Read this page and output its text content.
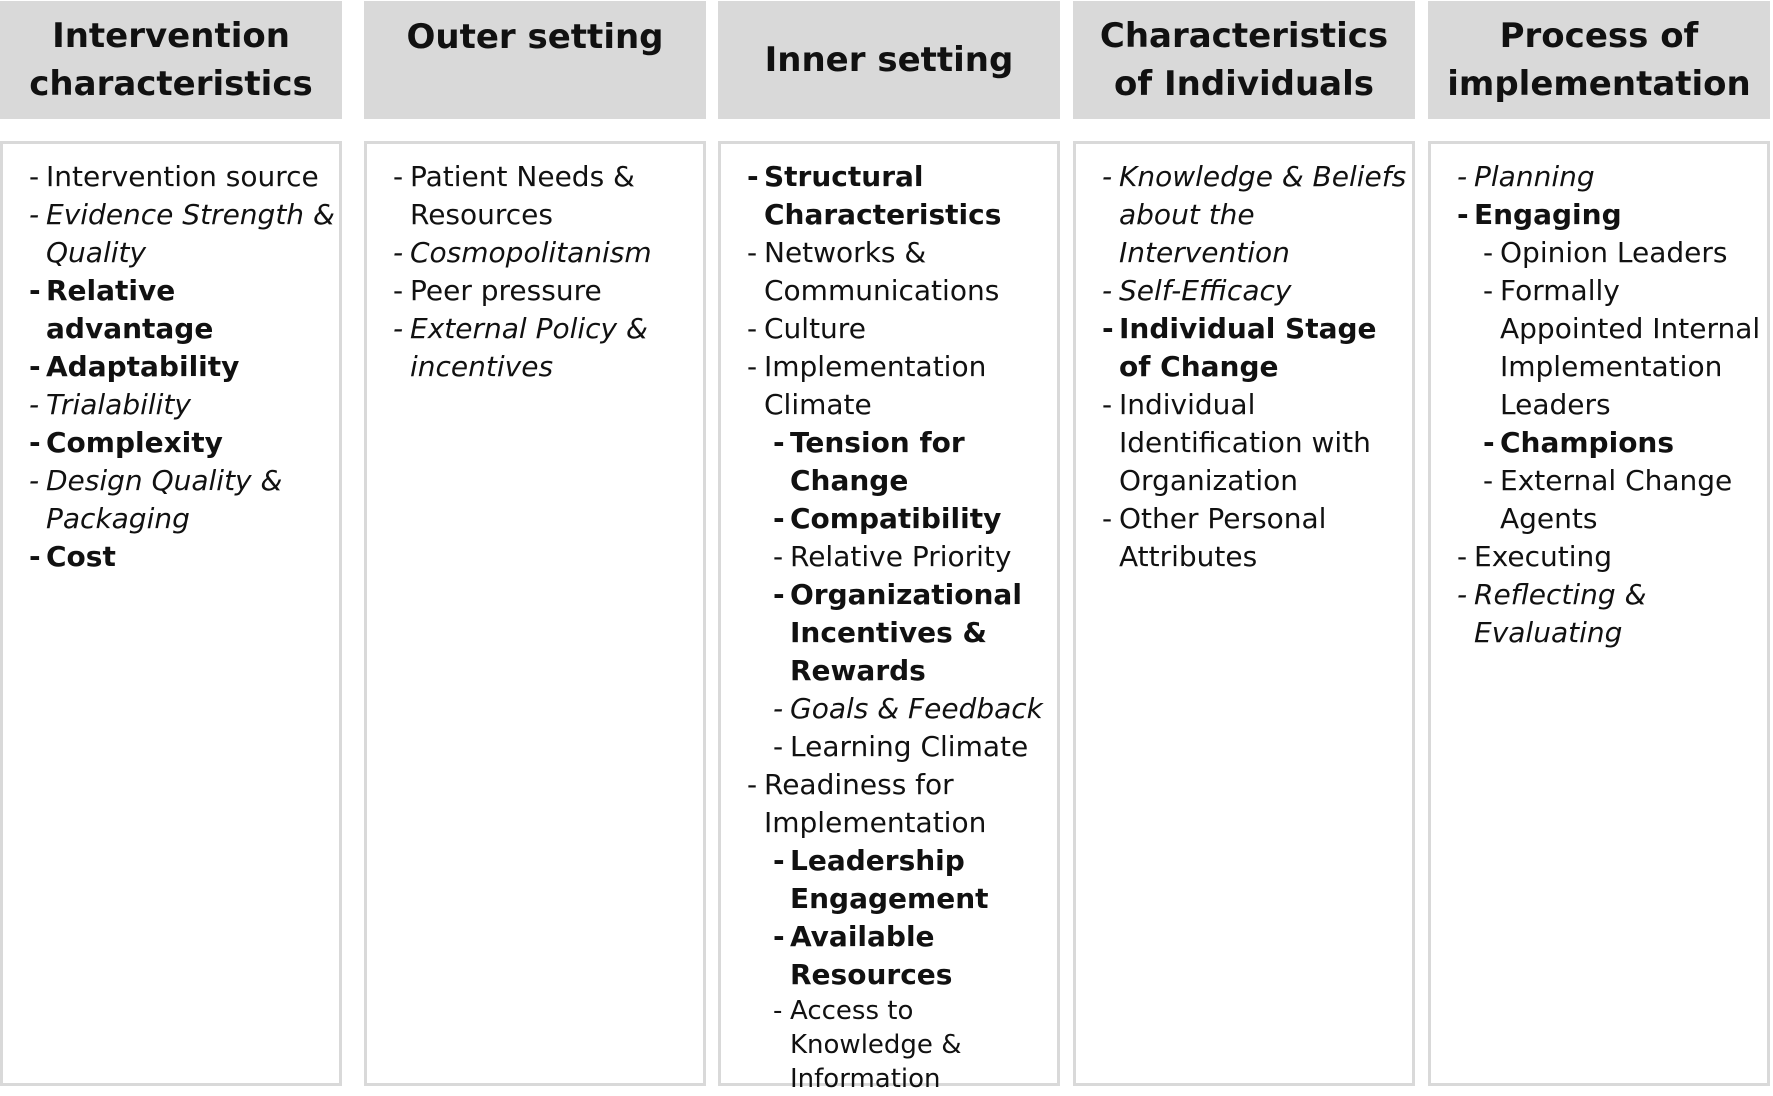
Intervention characteristics
- Intervention source
- Evidence Strength & Quality
- Relative advantage
- Adaptability
- Trialability
- Complexity
- Design Quality & Packaging
- Cost
Outer setting
- Patient Needs & Resources
- Cosmopolitanism
- Peer pressure
- External Policy & incentives
Inner setting
- Structural Characteristics
- Networks & Communications
- Culture
- Implementation Climate
- Tension for Change
- Compatibility
- Relative Priority
- Organizational Incentives & Rewards
- Goals & Feedback
- Learning Climate
- Readiness for Implementation
- Leadership Engagement
- Available Resources
- Access to Knowledge & Information
Characteristics of Individuals
- Knowledge & Beliefs about the Intervention
- Self-Efficacy
- Individual Stage of Change
- Individual Identification with Organization
- Other Personal Attributes
Process of implementation
- Planning
- Engaging
- Opinion Leaders
- Formally Appointed Internal Implementation Leaders
- Champions
- External Change Agents
- Executing
- Reflecting & Evaluating
